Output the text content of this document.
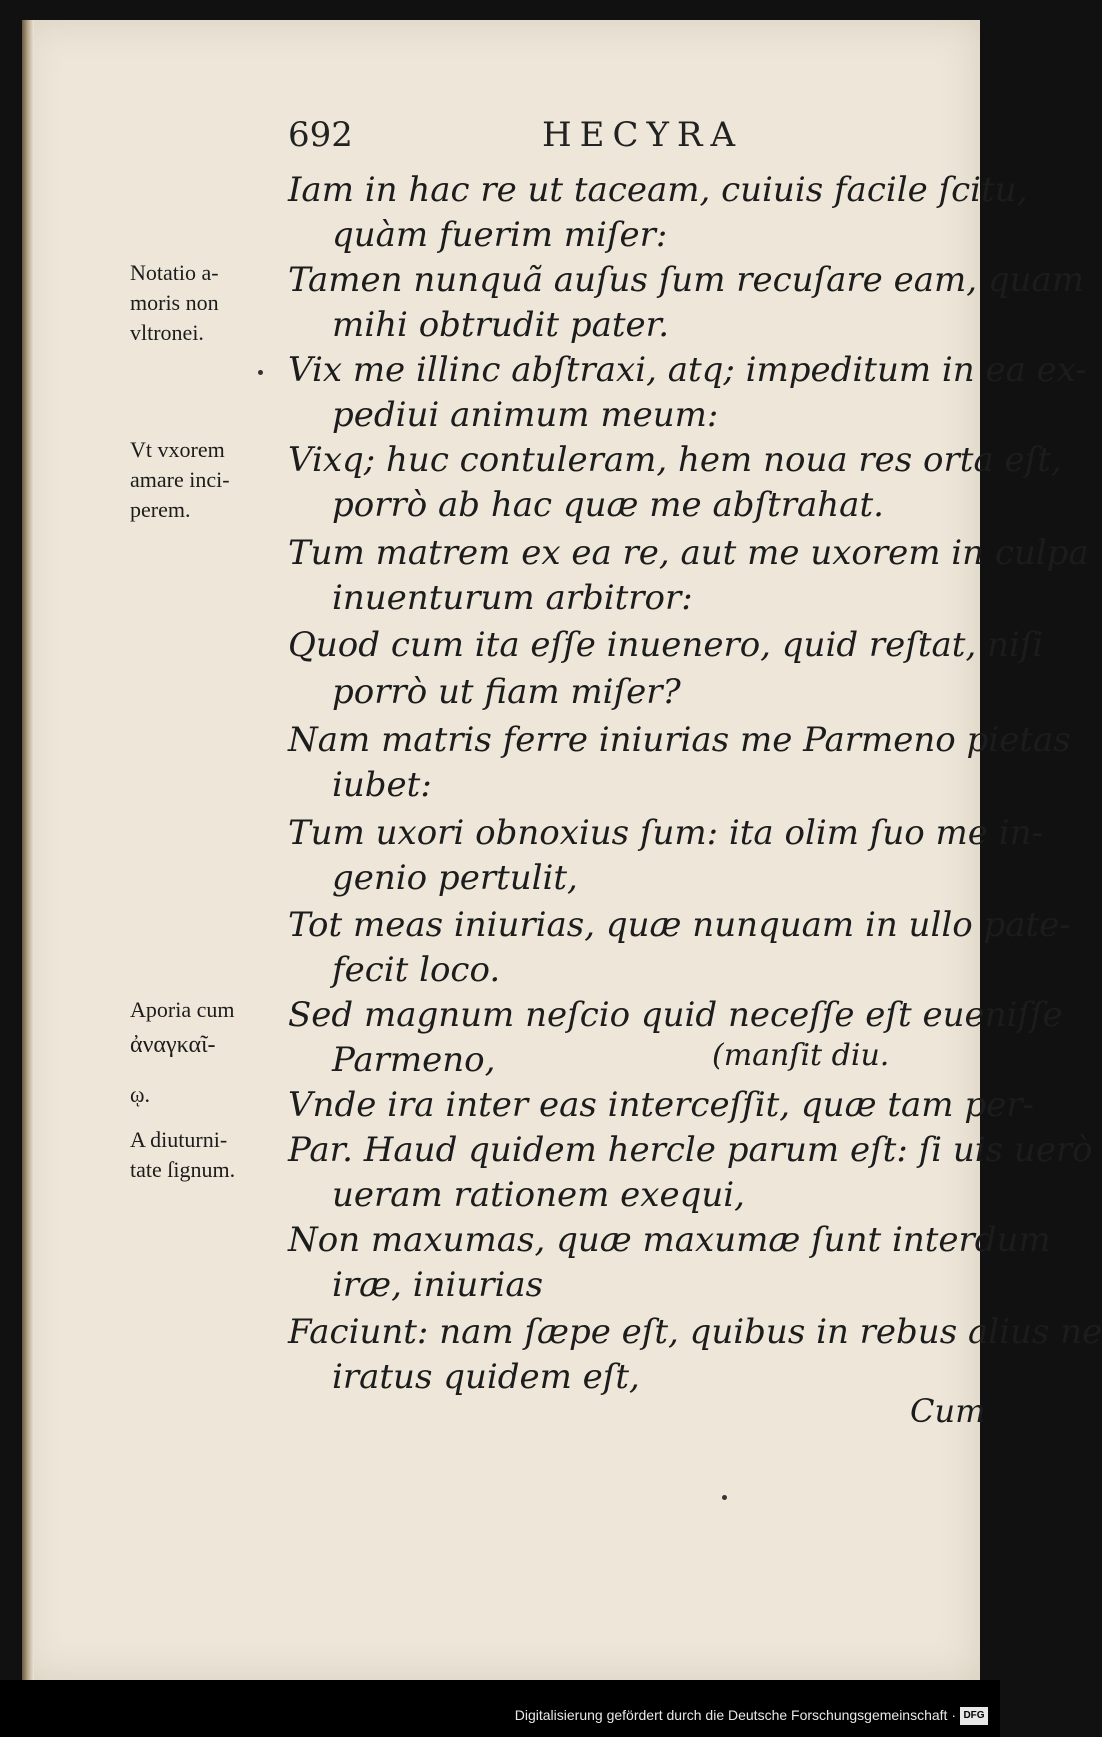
692	HECYRA
Iam in hac re ut taceam, cuiuis facile ſcitu,
quàm fuerim miſer:
Tamen nunquã auſus ſum recuſare eam, quam
mihi obtrudit pater.
Vix me illinc abſtraxi, atq; impeditum in ea ex-
pediui animum meum:
Vixq; huc contuleram, hem noua res orta eſt,
porrò ab hac quæ me abſtrahat.
Tum matrem ex ea re, aut me uxorem in culpa
inuenturum arbitror:
Quod cum ita eſſe inuenero, quid reſtat, niſi
porrò ut fiam miſer?
Nam matris ferre iniurias me Parmeno pietas
iubet:
Tum uxori obnoxius ſum: ita olim ſuo me in-
genio pertulit,
Tot meas iniurias, quæ nunquam in ullo pate-
fecit loco.
Sed magnum neſcio quid neceſſe eſt eueniſſe
Parmeno,	(manſit diu.
Vnde ira inter eas interceſſit, quæ tam per-
Par. Haud quidem hercle parum eſt: ſi uis uerò
ueram rationem exequi,
Non maxumas, quæ maxumæ ſunt interdum
iræ, iniurias
Faciunt: nam ſæpe eſt, quibus in rebus alius ne
iratus quidem eſt,
Notatio a-
moris non
vltronei.
Vt vxorem
amare inci-
perem.
Aporia cum
ἀναγκαῖ-
ῳ.
A diuturni-
tate ſignum.
Cum
Digitalisierung gefördert durch die Deutsche Forschungsgemeinschaft · DFG
